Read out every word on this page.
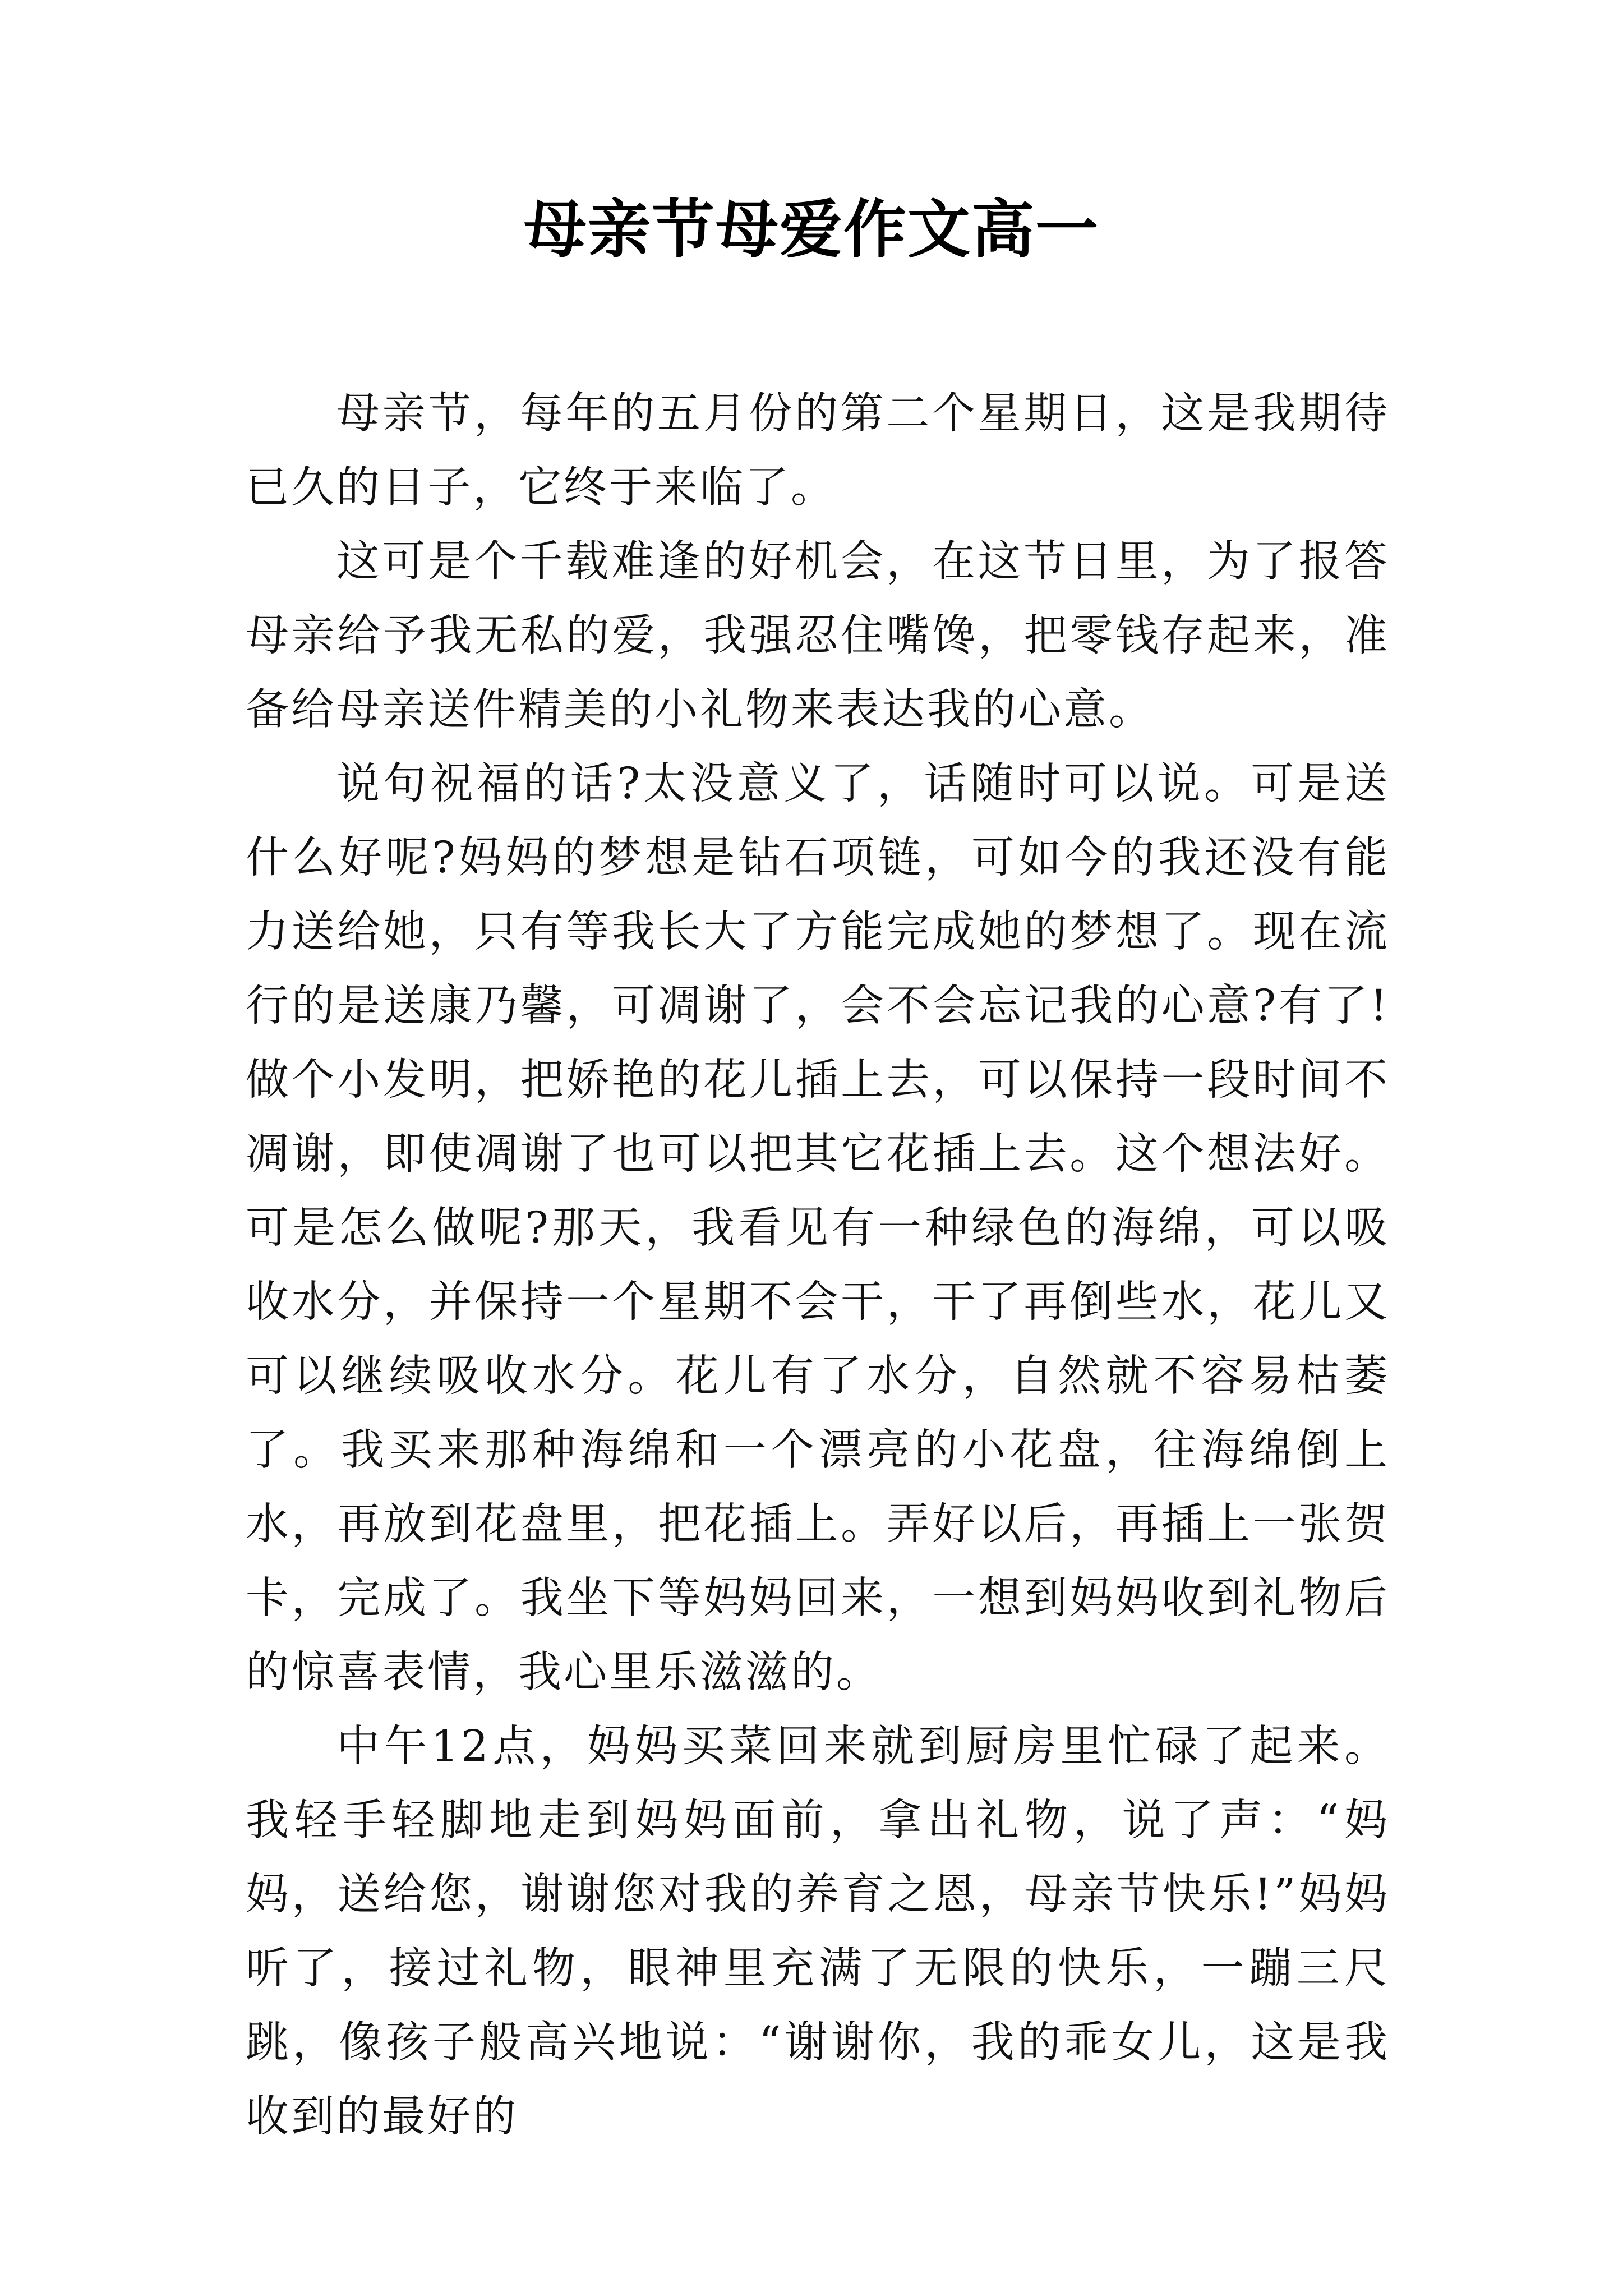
母亲节母爱作文高一

母亲节，每年的五月份的第二个星期日，这是我期待已久的日子，它终于来临了。

这可是个千载难逢的好机会，在这节日里，为了报答母亲给予我无私的爱，我强忍住嘴馋，把零钱存起来，准备给母亲送件精美的小礼物来表达我的心意。

说句祝福的话?太没意义了，话随时可以说。可是送什么好呢?妈妈的梦想是钻石项链，可如今的我还没有能力送给她，只有等我长大了方能完成她的梦想了。现在流行的是送康乃馨，可凋谢了，会不会忘记我的心意?有了!做个小发明，把娇艳的花儿插上去，可以保持一段时间不凋谢，即使凋谢了也可以把其它花插上去。这个想法好。可是怎么做呢?那天，我看见有一种绿色的海绵，可以吸收水分，并保持一个星期不会干，干了再倒些水，花儿又可以继续吸收水分。花儿有了水分，自然就不容易枯萎了。我买来那种海绵和一个漂亮的小花盘，往海绵倒上水，再放到花盘里，把花插上。弄好以后，再插上一张贺卡，完成了。我坐下等妈妈回来，一想到妈妈收到礼物后的惊喜表情，我心里乐滋滋的。

中午12点，妈妈买菜回来就到厨房里忙碌了起来。我轻手轻脚地走到妈妈面前，拿出礼物，说了声：“妈妈，送给您，谢谢您对我的养育之恩，母亲节快乐!”妈妈听了，接过礼物，眼神里充满了无限的快乐，一蹦三尺跳，像孩子般高兴地说：“谢谢你，我的乖女儿，这是我收到的最好的
